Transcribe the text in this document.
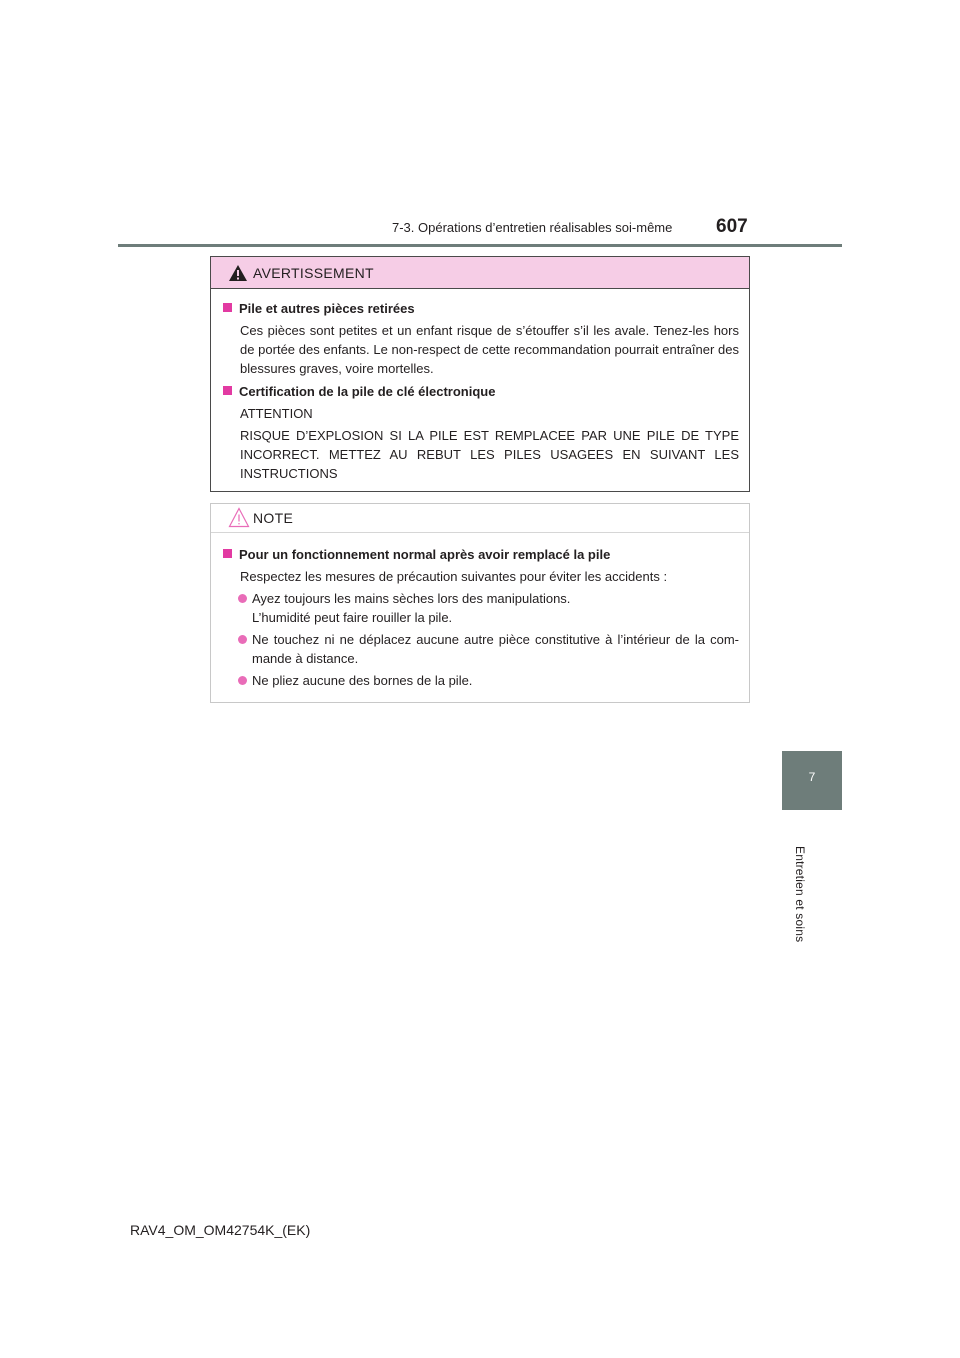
7-3. Opérations d’entretien réalisables soi-même 607
7
Entretien et soins
AVERTISSEMENT
Pile et autres pièces retirées
Ces pièces sont petites et un enfant risque de s’étouffer s’il les avale. Tenez-les hors de portée des enfants. Le non-respect de cette recommandation pourrait entraîner des blessures graves, voire mortelles.
Certification de la pile de clé électronique
ATTENTION
RISQUE D’EXPLOSION SI LA PILE EST REMPLACEE PAR UNE PILE DE TYPE INCORRECT. METTEZ AU REBUT LES PILES USAGEES EN SUIVANT LES INSTRUCTIONS
NOTE
Pour un fonctionnement normal après avoir remplacé la pile
Respectez les mesures de précaution suivantes pour éviter les accidents :
Ayez toujours les mains sèches lors des manipulations.
L’humidité peut faire rouiller la pile.
Ne touchez ni ne déplacez aucune autre pièce constitutive à l’intérieur de la com-mande à distance.
Ne pliez aucune des bornes de la pile.
RAV4_OM_OM42754K_(EK)
